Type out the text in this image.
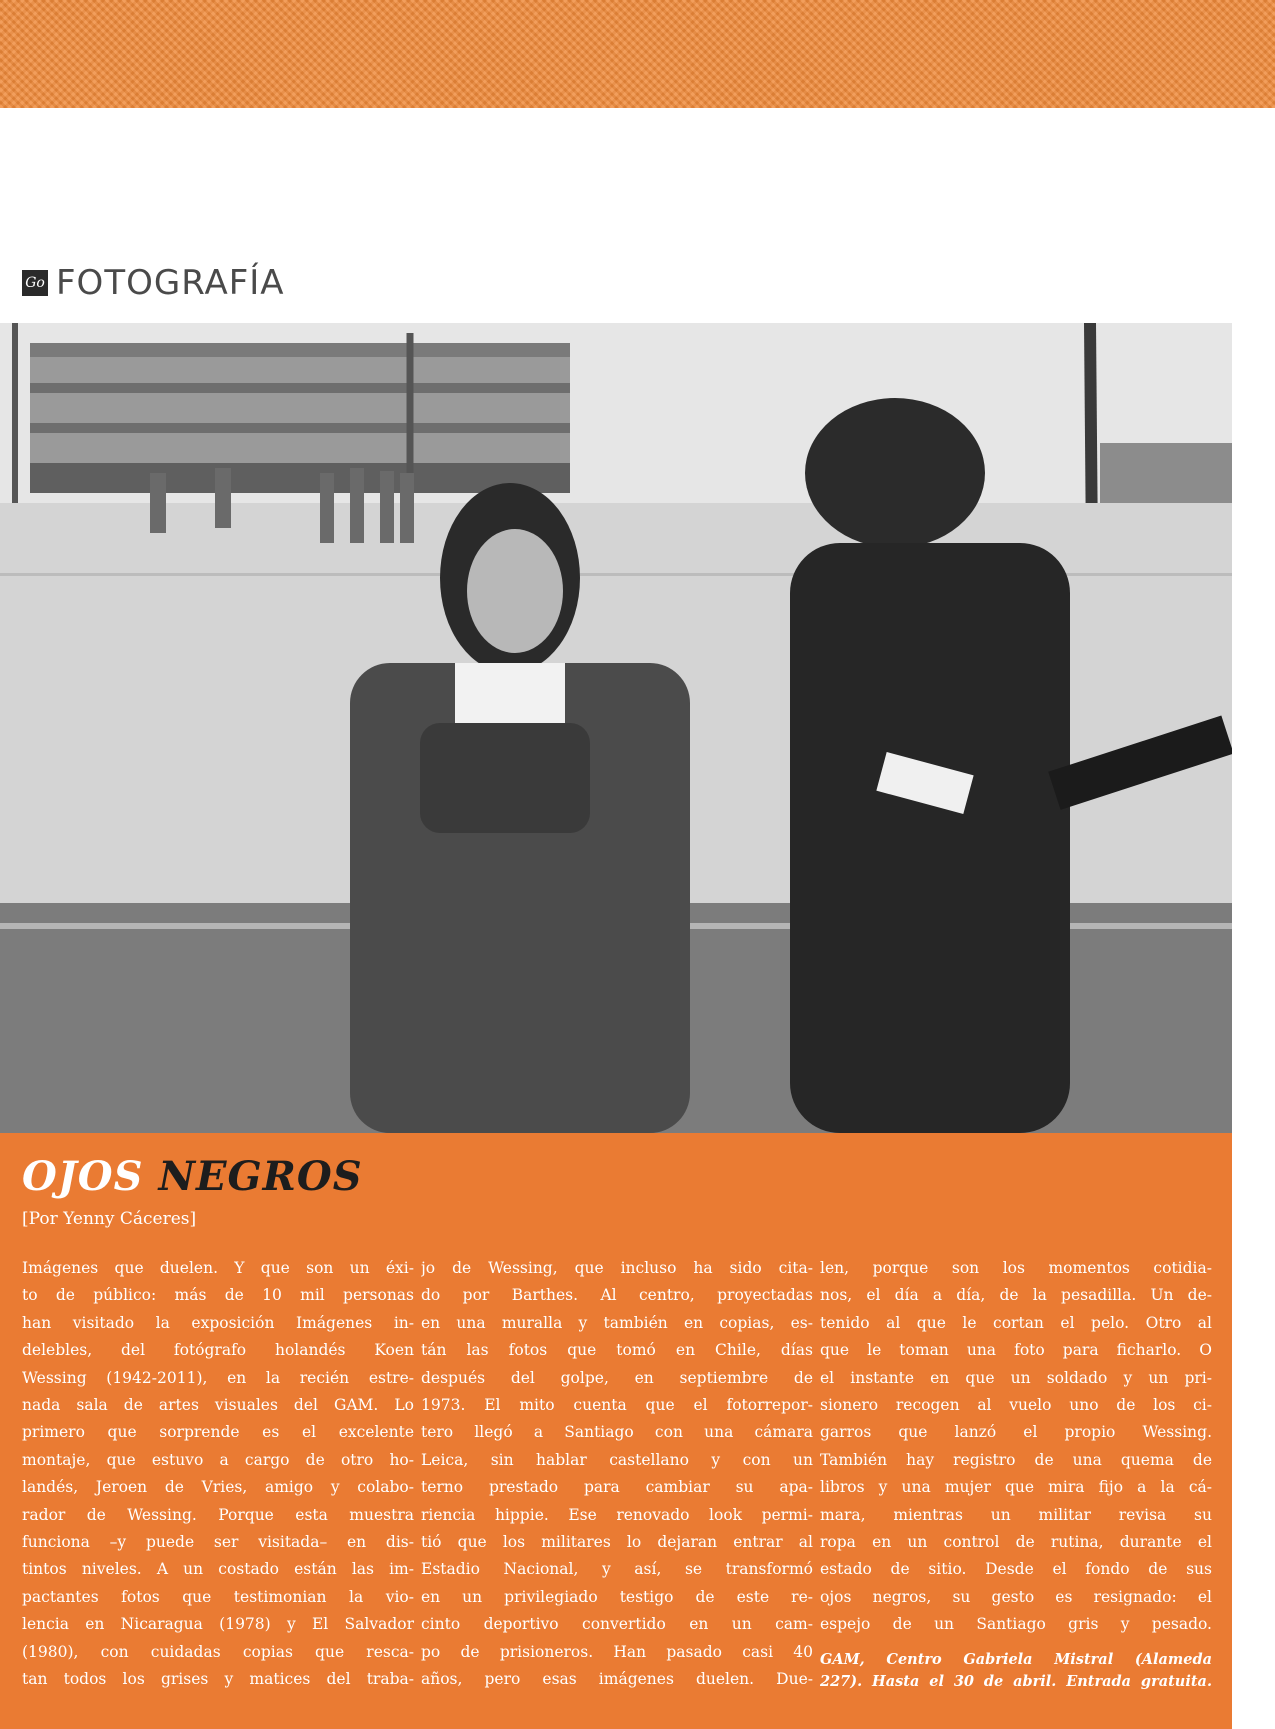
Go FOTOGRAFÍA
OJOS NEGROS
[Por Yenny Cáceres]
Imágenes que duelen. Y que son un éxi-
to de público: más de 10 mil personas
han visitado la exposición Imágenes in-
delebles, del fotógrafo holandés Koen
Wessing (1942-2011), en la recién estre-
nada sala de artes visuales del GAM. Lo
primero que sorprende es el excelente
montaje, que estuvo a cargo de otro ho-
landés, Jeroen de Vries, amigo y colabo-
rador de Wessing. Porque esta muestra
funciona –y puede ser visitada– en dis-
tintos niveles. A un costado están las im-
pactantes fotos que testimonian la vio-
lencia en Nicaragua (1978) y El Salvador
(1980), con cuidadas copias que resca-
tan todos los grises y matices del traba-
jo de Wessing, que incluso ha sido cita-
do por Barthes. Al centro, proyectadas
en una muralla y también en copias, es-
tán las fotos que tomó en Chile, días
después del golpe, en septiembre de
1973. El mito cuenta que el fotorrepor-
tero llegó a Santiago con una cámara
Leica, sin hablar castellano y con un
terno prestado para cambiar su apa-
riencia hippie. Ese renovado look permi-
tió que los militares lo dejaran entrar al
Estadio Nacional, y así, se transformó
en un privilegiado testigo de este re-
cinto deportivo convertido en un cam-
po de prisioneros. Han pasado casi 40
años, pero esas imágenes duelen. Due-
len, porque son los momentos cotidia-
nos, el día a día, de la pesadilla. Un de-
tenido al que le cortan el pelo. Otro al
que le toman una foto para ficharlo. O
el instante en que un soldado y un pri-
sionero recogen al vuelo uno de los ci-
garros que lanzó el propio Wessing.
También hay registro de una quema de
libros y una mujer que mira fijo a la cá-
mara, mientras un militar revisa su
ropa en un control de rutina, durante el
estado de sitio. Desde el fondo de sus
ojos negros, su gesto es resignado: el
espejo de un Santiago gris y pesado.
GAM, Centro Gabriela Mistral (Alameda
227). Hasta el 30 de abril. Entrada gratuita.
